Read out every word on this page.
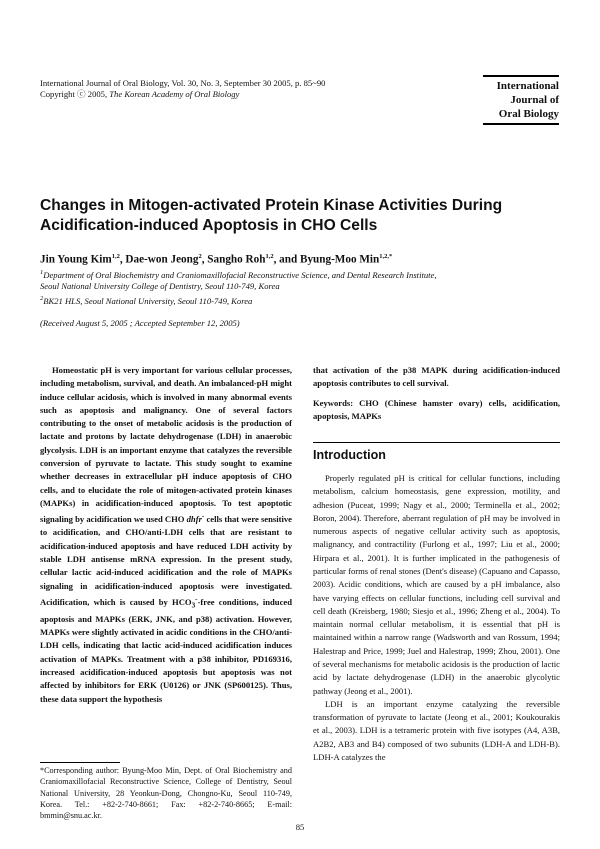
International Journal of Oral Biology, Vol. 30, No. 3, September 30 2005, p. 85~90
Copyright ⓒ 2005, The Korean Academy of Oral Biology
International
Journal of
Oral Biology
Changes in Mitogen-activated Protein Kinase Activities During
Acidification-induced Apoptosis in CHO Cells
Jin Young Kim$^{1,2}$, Dae-won Jeong$^2$, Sangho Roh$^{1,2}$, and Byung-Moo Min$^{1,2,*}$
$^1$Department of Oral Biochemistry and Craniomaxillofacial Reconstructive Science, and Dental Research Institute,
Seoul National University College of Dentistry, Seoul 110-749, Korea
$^2$BK21 HLS, Seoul National University, Seoul 110-749, Korea
(Received August 5, 2005 ; Accepted September 12, 2005)

Homeostatic pH is very important for various cellular processes, including metabolism, survival, and death. An imbalanced-pH might induce cellular acidosis, which is involved in many abnormal events such as apoptosis and malignancy. One of several factors contributing to the onset of metabolic acidosis is the production of lactate and protons by lactate dehydrogenase (LDH) in anaerobic glycolysis. LDH is an important enzyme that catalyzes the reversible conversion of pyruvate to lactate. This study sought to examine whether decreases in extracellular pH induce apoptosis of CHO cells, and to elucidate the role of mitogen-activated protein kinases (MAPKs) in acidification-induced apoptosis. To test apoptotic signaling by acidification we used CHO dhfr- cells that were sensitive to acidification, and CHO/anti-LDH cells that are resistant to acidification-induced apoptosis and have reduced LDH activity by stable LDH antisense mRNA expression. In the present study, cellular lactic acid-induced acidification and the role of MAPKs signaling in acidification-induced apoptosis were investigated. Acidification, which is caused by $HCO_3^-$-free conditions, induced apoptosis and MAPKs (ERK, JNK, and p38) activation. However, MAPKs were slightly activated in acidic conditions in the CHO/anti-LDH cells, indicating that lactic acid-induced acidification induces activation of MAPKs. Treatment with a p38 inhibitor, PD169316, increased acidification-induced apoptosis but apoptosis was not affected by inhibitors for ERK (U0126) or JNK (SP600125). Thus, these data support the hypothesis

*Corresponding author: Byung-Moo Min, Dept. of Oral Biochemistry and Craniomaxillofacial Reconstructive Science, College of Dentistry, Seoul National University, 28 Yeonkun-Dong, Chongno-Ku, Seoul 110-749, Korea. Tel.: +82-2-740-8661; Fax: +82-2-740-8665; E-mail: bmmin@snu.ac.kr.
that activation of the p38 MAPK during acidification-induced apoptosis contributes to cell survival.
Keywords: CHO (Chinese hamster ovary) cells, acidification, apoptosis, MAPKs
Introduction

Properly regulated pH is critical for cellular functions, including metabolism, calcium homeostasis, gene expression, motility, and adhesion (Puceat, 1999; Nagy et al., 2000; Terminella et al., 2002; Boron, 2004). Therefore, aberrant regulation of pH may be involved in numerous aspects of negative cellular activity such as apoptosis, malignancy, and contractility (Furlong et al., 1997; Liu et al., 2000; Hirpara et al., 2001). It is further implicated in the pathogenesis of particular forms of renal stones (Dent's disease) (Capuano and Capasso, 2003). Acidic conditions, which are caused by a pH imbalance, also have varying effects on cellular functions, including cell survival and cell death (Kreisberg, 1980; Siesjo et al., 1996; Zheng et al., 2004). To maintain normal cellular metabolism, it is essential that pH is maintained within a narrow range (Wadsworth and van Rossum, 1994; Halestrap and Price, 1999; Juel and Halestrap, 1999; Zhou, 2001). One of several mechanisms for metabolic acidosis is the production of lactic acid by lactate dehydrogenase (LDH) in the anaerobic glycolytic pathway (Jeong et al., 2001).

LDH is an important enzyme catalyzing the reversible transformation of pyruvate to lactate (Jeong et al., 2001; Koukourakis et al., 2003). LDH is a tetrameric protein with five isotypes (A4, A3B, A2B2, AB3 and B4) composed of two subunits (LDH-A and LDH-B). LDH-A catalyzes the

85
